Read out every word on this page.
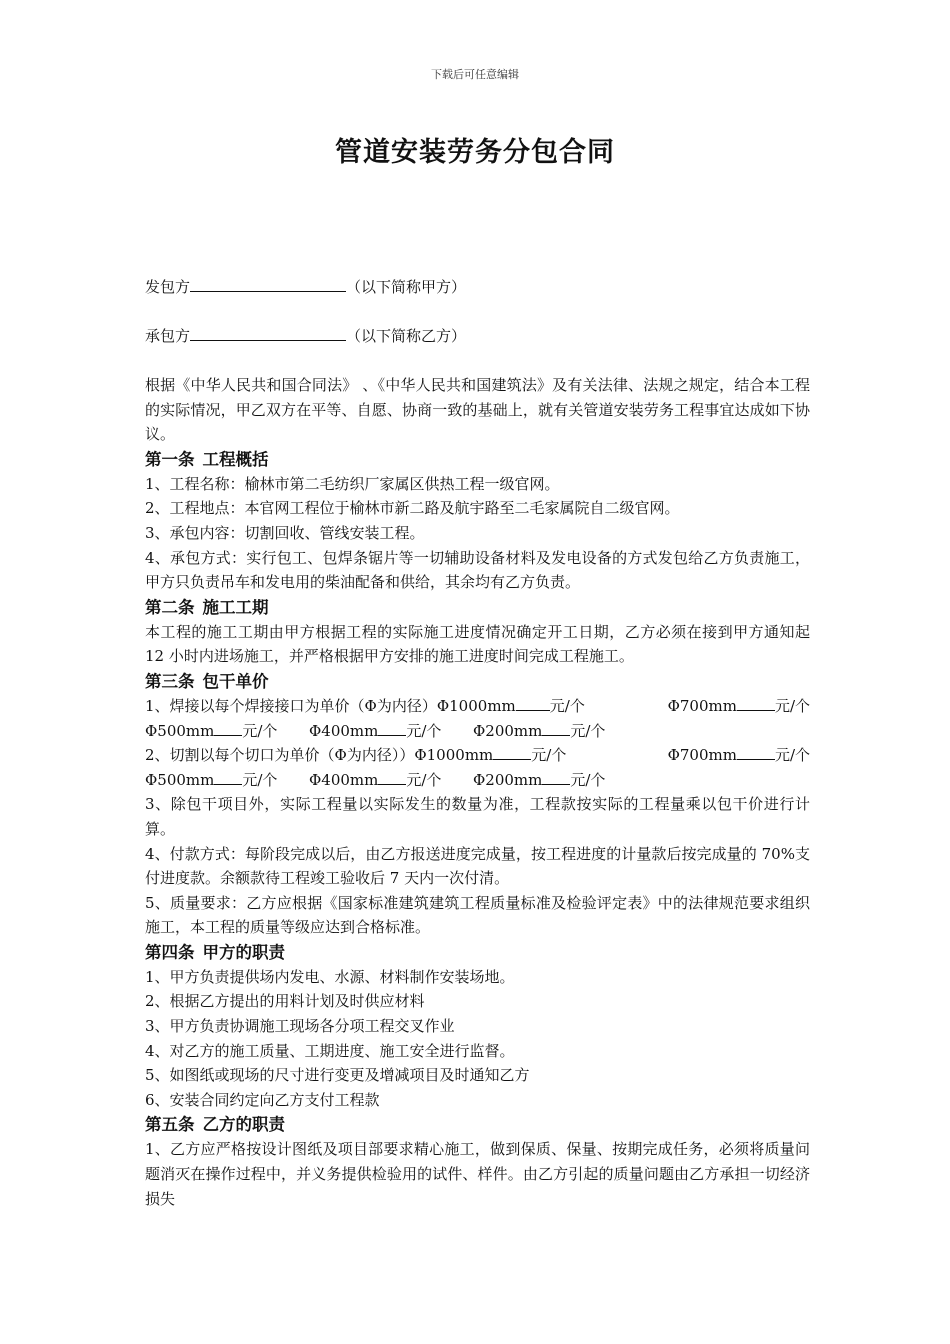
下载后可任意编辑
管道安装劳务分包合同
发包方	（以下简称甲方）
承包方	（以下简称乙方）

根据《中华人民共和国合同法》 、《中华人民共和国建筑法》及有关法律、法规之规定，结合本工程的实际情况，甲乙双方在平等、自愿、协商一致的基础上，就有关管道安装劳务工程事宜达成如下协议。

第一条 工程概括

1、工程名称：榆林市第二毛纺织厂家属区供热工程一级官网。

2、工程地点：本官网工程位于榆林市新二路及航宇路至二毛家属院自二级官网。

3、承包内容：切割回收、管线安装工程。

4、承包方式：实行包工、包焊条锯片等一切辅助设备材料及发电设备的方式发包给乙方负责施工，甲方只负责吊车和发电用的柴油配备和供给，其余均有乙方负责。

第二条 施工工期

本工程的施工工期由甲方根据工程的实际施工进度情况确定开工日期，乙方必须在接到甲方通知起 12 小时内进场施工，并严格根据甲方安排的施工进度时间完成工程施工。

第三条 包干单价
1、焊接以每个焊接接口为单价（Φ为内径）Φ1000mm 元/个	Φ700mm	元/个
Φ500mm 元/个 Φ400mm 元/个 Φ200mm 元/个
2、切割以每个切口为单价（Φ为内径））Φ1000mm	元/个	Φ700mm	元/个
Φ500mm 元/个 Φ400mm 元/个 Φ200mm 元/个

3、除包干项目外，实际工程量以实际发生的数量为准，工程款按实际的工程量乘以包干价进行计算。

4、付款方式：每阶段完成以后，由乙方报送进度完成量，按工程进度的计量款后按完成量的 70%支付进度款。余额款待工程竣工验收后 7 天内一次付清。

5、质量要求：乙方应根据《国家标准建筑建筑工程质量标准及检验评定表》中的法律规范要求组织施工，本工程的质量等级应达到合格标准。

第四条 甲方的职责

1、甲方负责提供场内发电、水源、材料制作安装场地。

2、根据乙方提出的用料计划及时供应材料

3、甲方负责协调施工现场各分项工程交叉作业

4、对乙方的施工质量、工期进度、施工安全进行监督。

5、如图纸或现场的尺寸进行变更及增减项目及时通知乙方

6、安装合同约定向乙方支付工程款

第五条 乙方的职责

1、乙方应严格按设计图纸及项目部要求精心施工，做到保质、保量、按期完成任务，必须将质量问题消灭在操作过程中，并义务提供检验用的试件、样件。由乙方引起的质量问题由乙方承担一切经济损失
